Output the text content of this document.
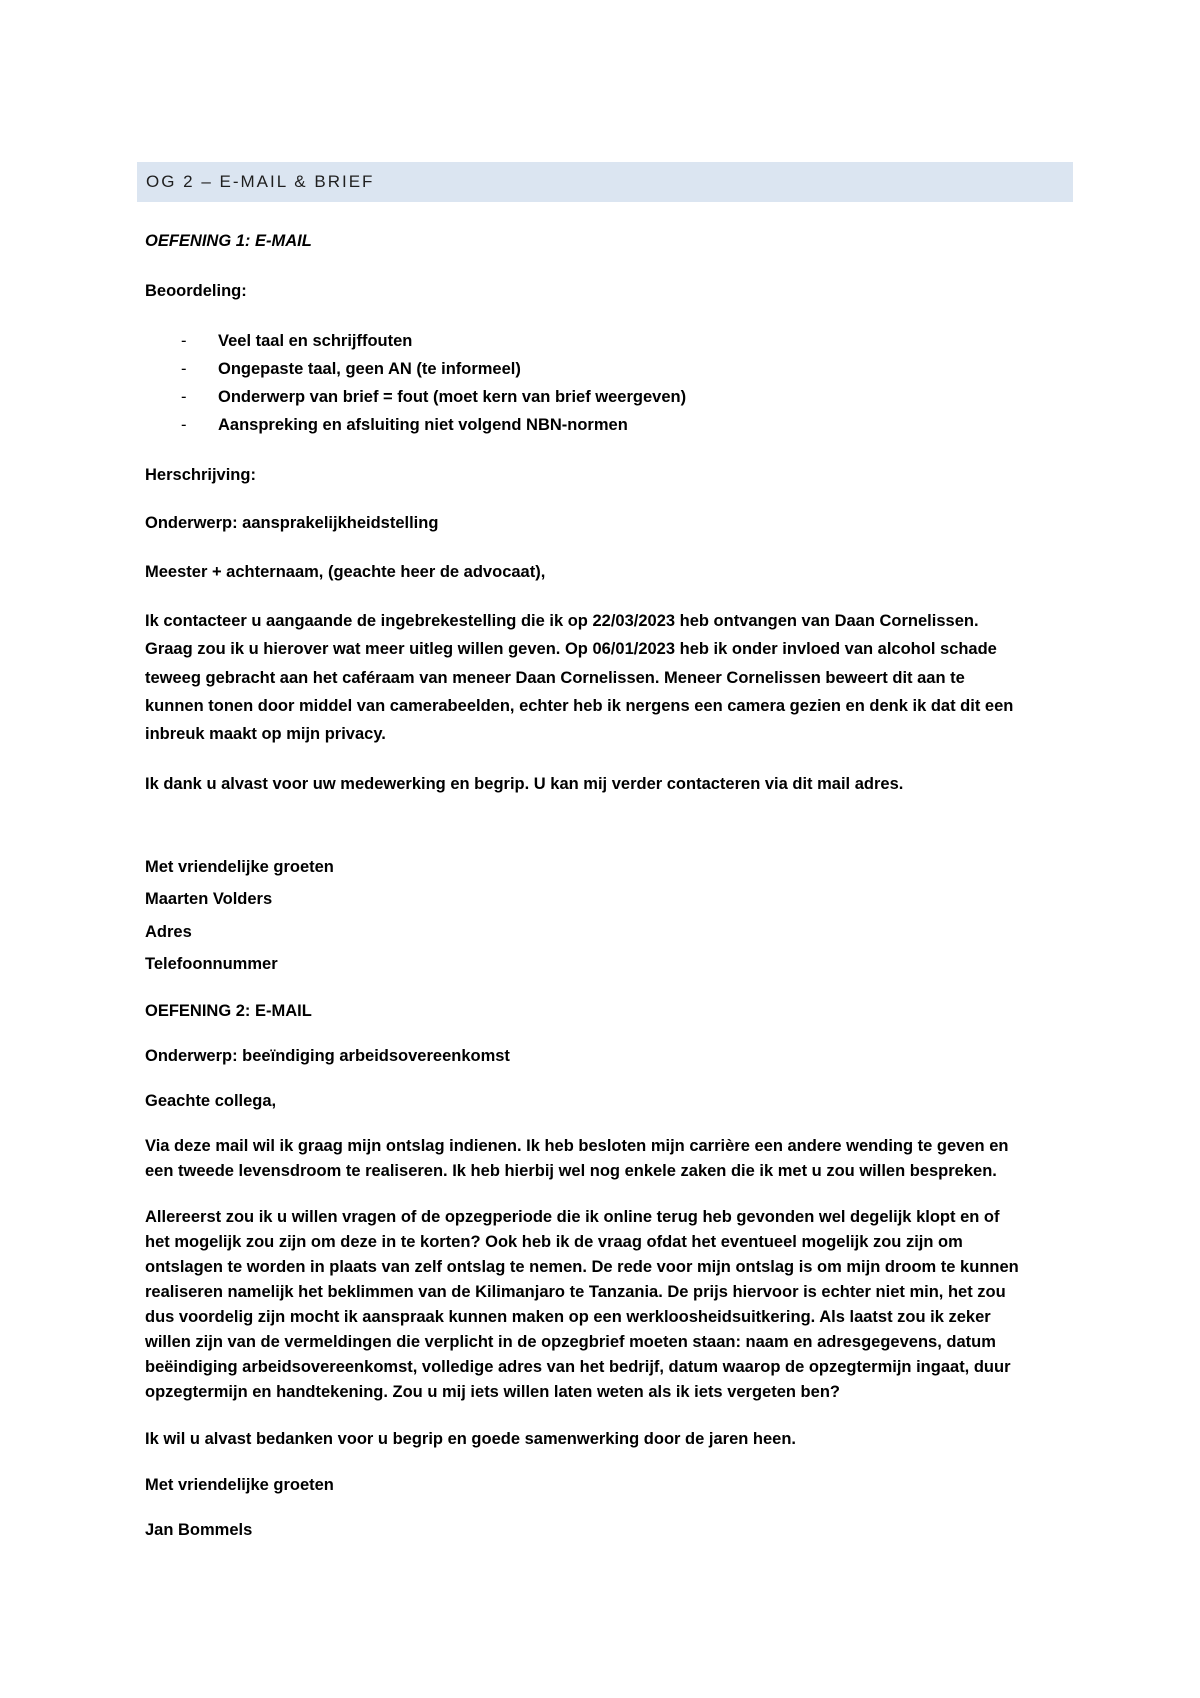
OG 2 – E-MAIL & BRIEF
OEFENING 1: E-MAIL
Beoordeling:
- Veel taal en schrijffouten
- Ongepaste taal, geen AN (te informeel)
- Onderwerp van brief = fout (moet kern van brief weergeven)
- Aanspreking en afsluiting niet volgend NBN-normen
Herschrijving:
Onderwerp: aansprakelijkheidstelling
Meester + achternaam, (geachte heer de advocaat),
Ik contacteer u aangaande de ingebrekestelling die ik op 22/03/2023 heb ontvangen van Daan Cornelissen.
Graag zou ik u hierover wat meer uitleg willen geven. Op 06/01/2023 heb ik onder invloed van alcohol schade
teweeg gebracht aan het caféraam van meneer Daan Cornelissen. Meneer Cornelissen beweert dit aan te
kunnen tonen door middel van camerabeelden, echter heb ik nergens een camera gezien en denk ik dat dit een
inbreuk maakt op mijn privacy.
Ik dank u alvast voor uw medewerking en begrip. U kan mij verder contacteren via dit mail adres.
Met vriendelijke groeten
Maarten Volders
Adres
Telefoonnummer
OEFENING 2: E-MAIL
Onderwerp: beeïndiging arbeidsovereenkomst
Geachte collega,
Via deze mail wil ik graag mijn ontslag indienen. Ik heb besloten mijn carrière een andere wending te geven en
een tweede levensdroom te realiseren. Ik heb hierbij wel nog enkele zaken die ik met u zou willen bespreken.
Allereerst zou ik u willen vragen of de opzegperiode die ik online terug heb gevonden wel degelijk klopt en of
het mogelijk zou zijn om deze in te korten? Ook heb ik de vraag ofdat het eventueel mogelijk zou zijn om
ontslagen te worden in plaats van zelf ontslag te nemen. De rede voor mijn ontslag is om mijn droom te kunnen
realiseren namelijk het beklimmen van de Kilimanjaro te Tanzania. De prijs hiervoor is echter niet min, het zou
dus voordelig zijn mocht ik aanspraak kunnen maken op een werkloosheidsuitkering. Als laatst zou ik zeker
willen zijn van de vermeldingen die verplicht in de opzegbrief moeten staan: naam en adresgegevens, datum
beëindiging arbeidsovereenkomst, volledige adres van het bedrijf, datum waarop de opzegtermijn ingaat, duur
opzegtermijn en handtekening. Zou u mij iets willen laten weten als ik iets vergeten ben?
Ik wil u alvast bedanken voor u begrip en goede samenwerking door de jaren heen.
Met vriendelijke groeten
Jan Bommels
